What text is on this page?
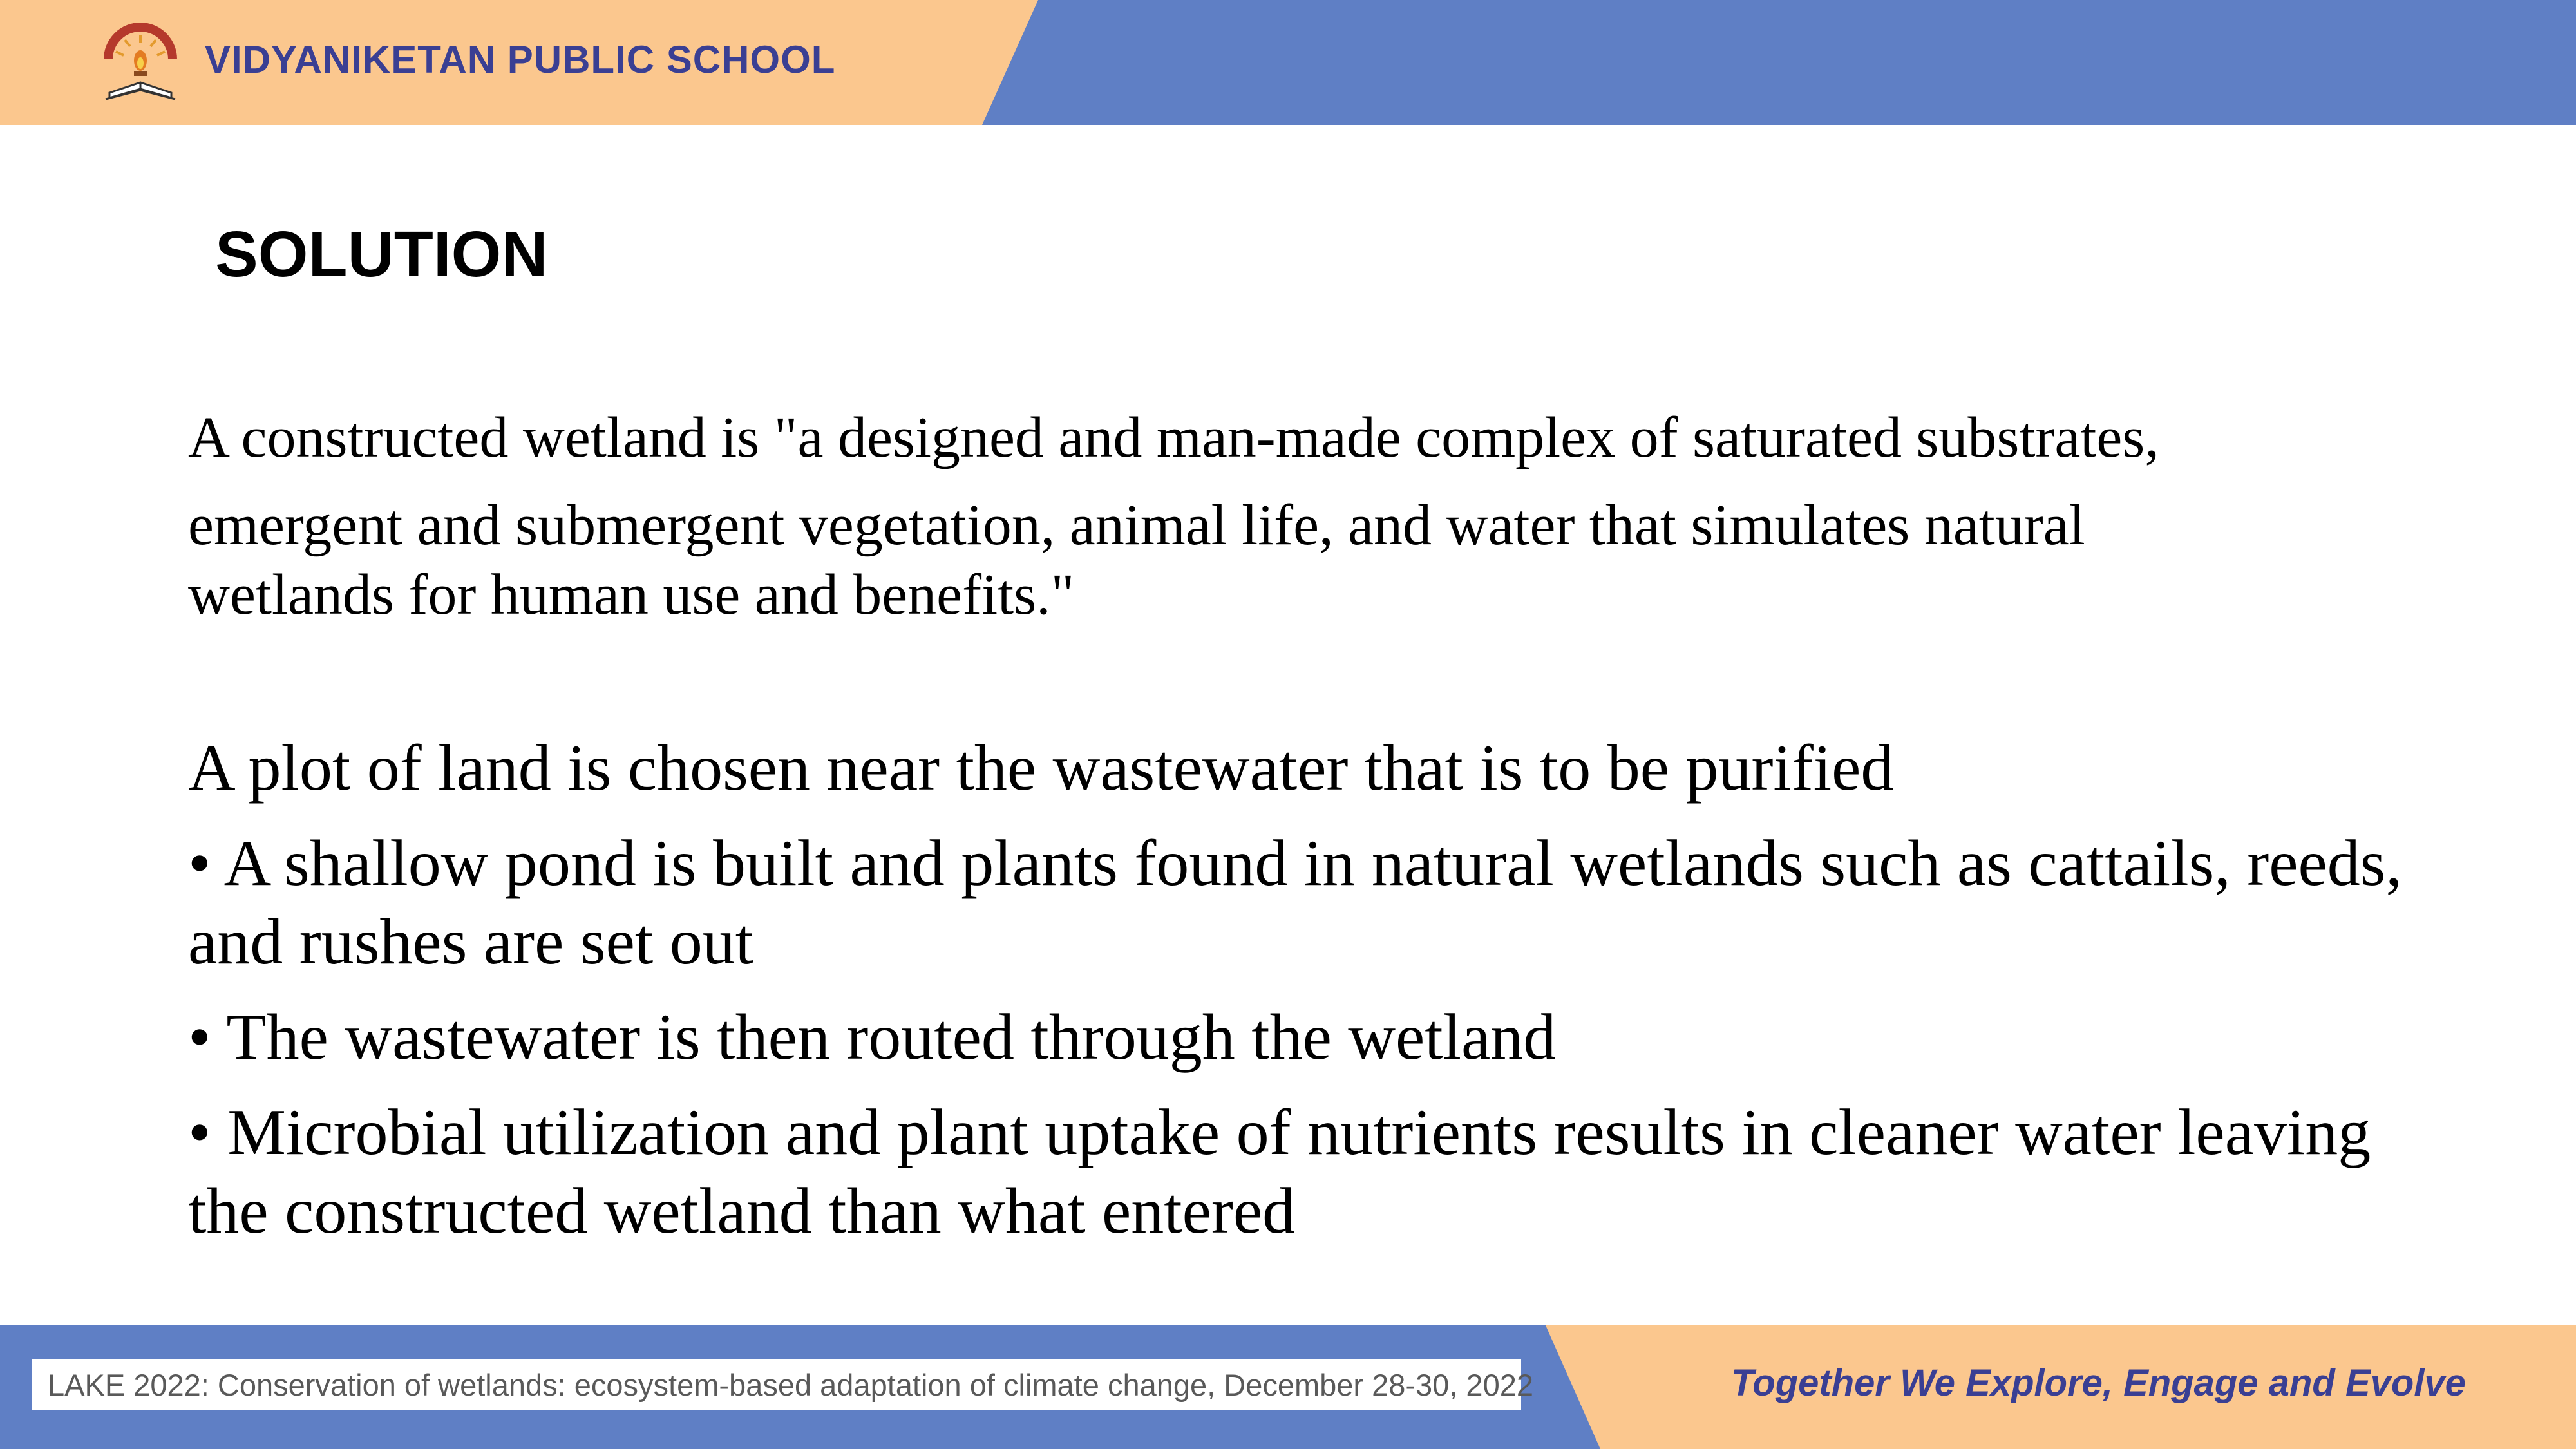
VIDYANIKETAN PUBLIC SCHOOL
SOLUTION
A constructed wetland is "a designed and man-made complex of saturated substrates,
emergent and submergent vegetation, animal life, and water that simulates natural
wetlands for human use and benefits."

A plot of land is chosen near the wastewater that is to be purified

• A shallow pond is built and plants found in natural wetlands such as cattails, reeds, and rushes are set out

• The wastewater is then routed through the wetland

• Microbial utilization and plant uptake of nutrients results in cleaner water leaving the constructed wetland than what entered

LAKE 2022: Conservation of wetlands: ecosystem-based adaptation of climate change, December 28-30, 2022	Together We Explore, Engage and Evolve
